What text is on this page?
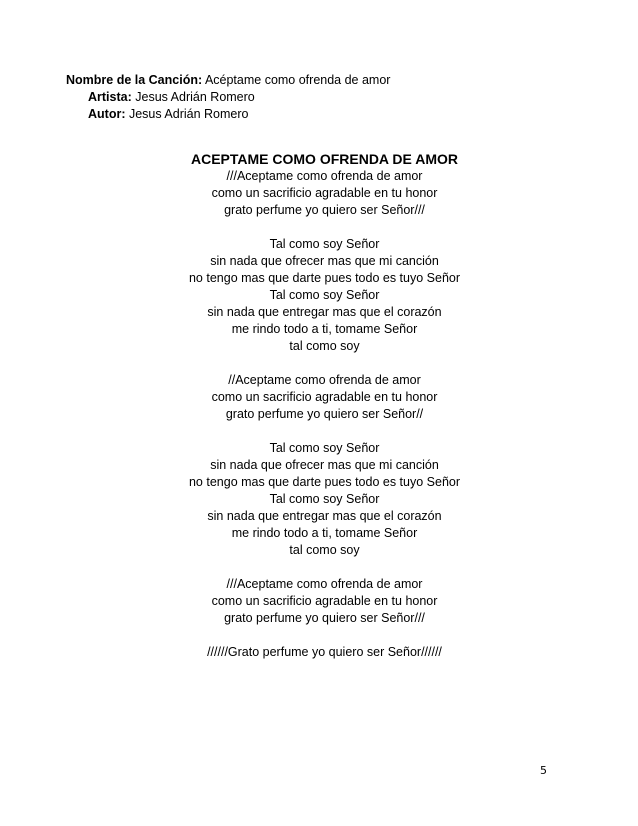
Nombre de la Canción: Acéptame como ofrenda de amor
Artista: Jesus Adrián Romero
Autor: Jesus Adrián Romero
ACEPTAME COMO OFRENDA DE AMOR
///Aceptame como ofrenda de amor
como un sacrificio agradable en tu honor
grato perfume yo quiero ser Señor///
Tal como soy Señor
sin nada que ofrecer mas que mi canción
no tengo mas que darte pues todo es tuyo Señor
Tal como soy Señor
sin nada que entregar mas que el corazón
me rindo todo a ti, tomame Señor
tal como soy
//Aceptame como ofrenda de amor
como un sacrificio agradable en tu honor
grato perfume yo quiero ser Señor//
Tal como soy Señor
sin nada que ofrecer mas que mi canción
no tengo mas que darte pues todo es tuyo Señor
Tal como soy Señor
sin nada que entregar mas que el corazón
me rindo todo a ti, tomame Señor
tal como soy
///Aceptame como ofrenda de amor
como un sacrificio agradable en tu honor
grato perfume yo quiero ser Señor///
//////Grato perfume yo quiero ser Señor//////
5
